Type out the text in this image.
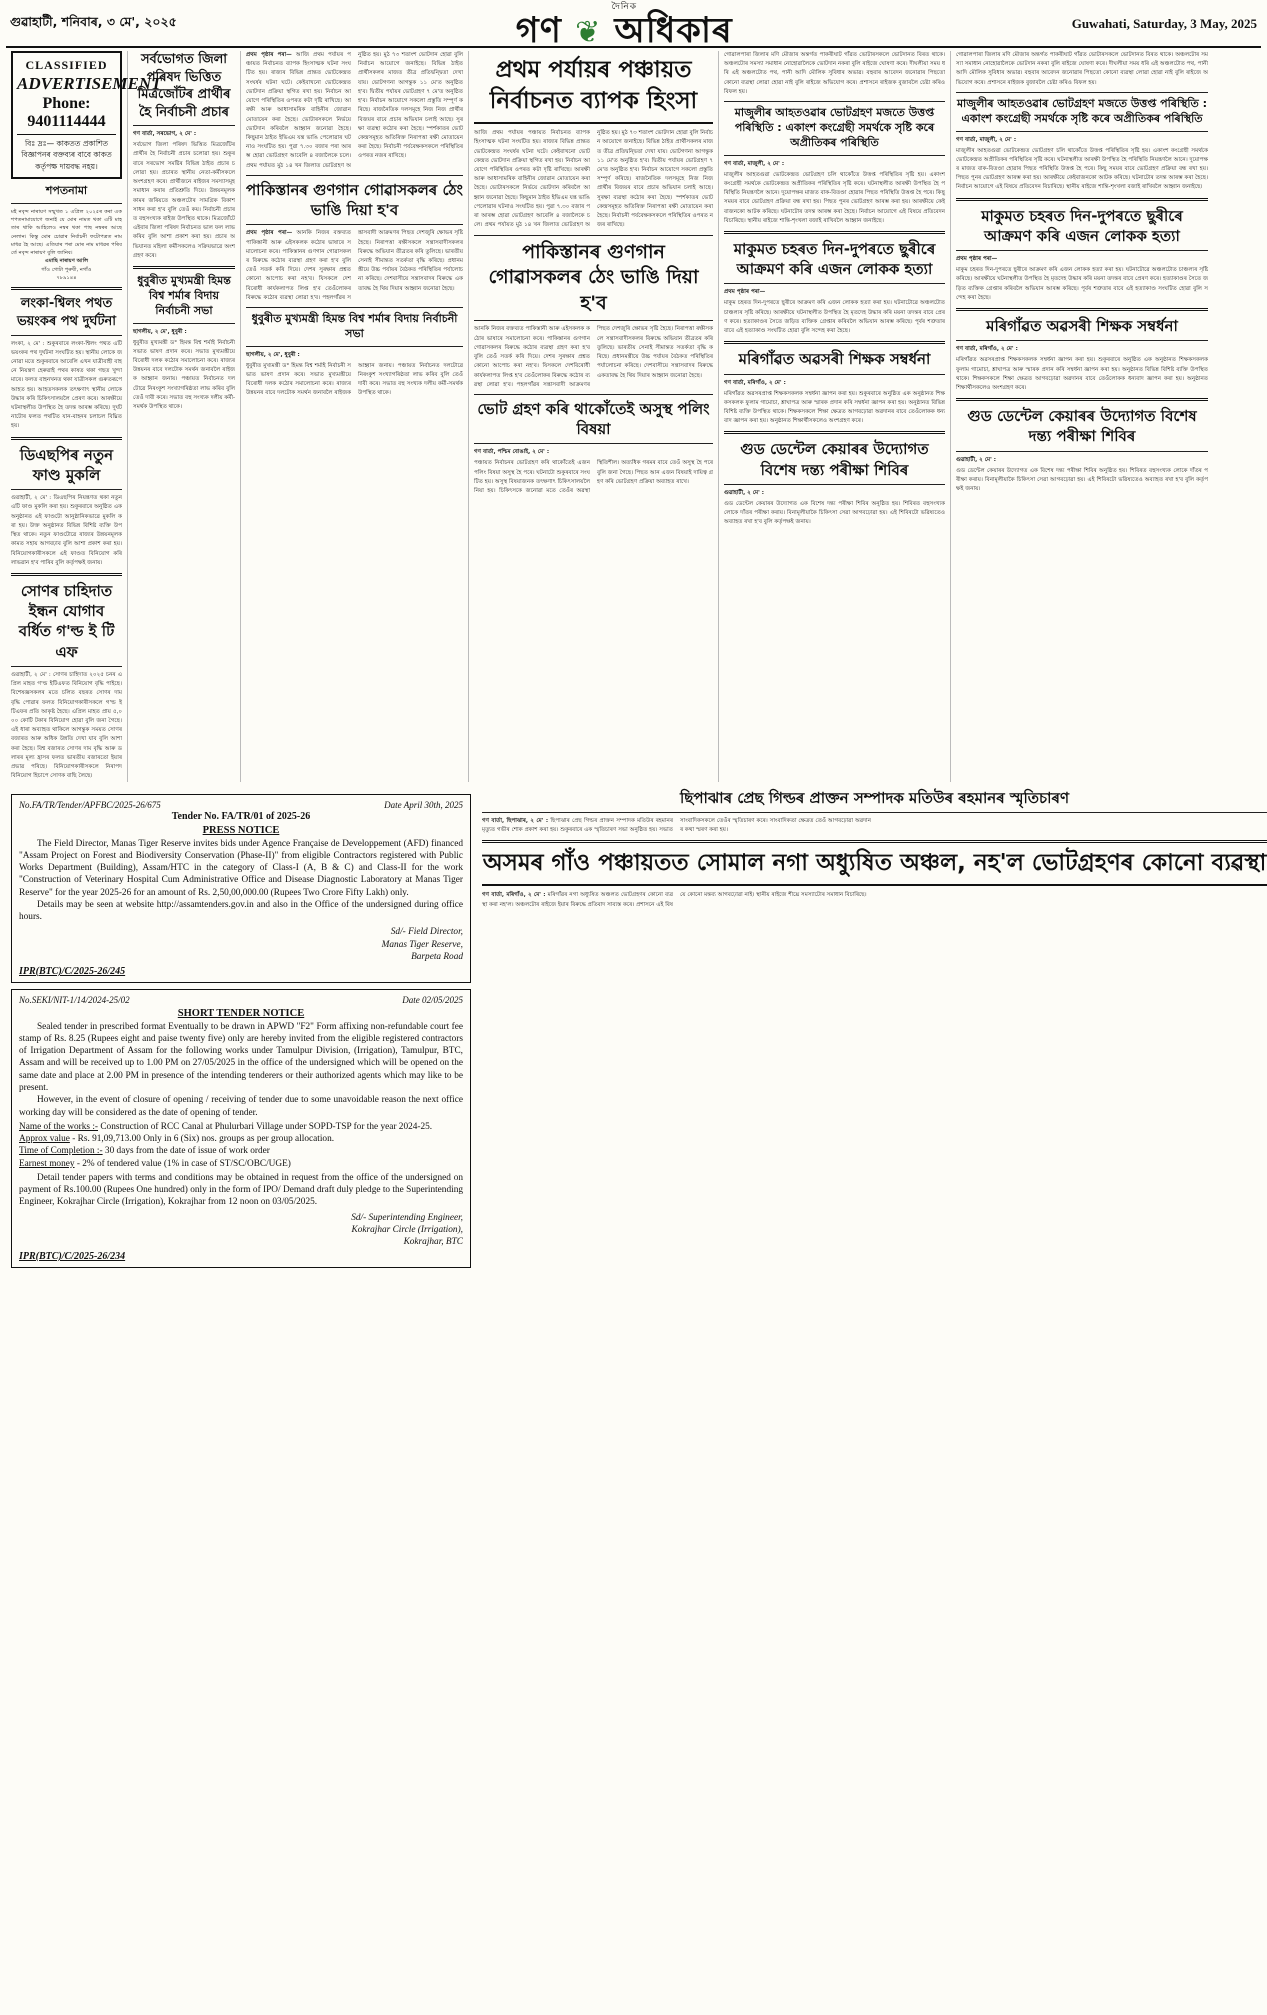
গুৱাহাটী, শনিবাৰ, ৩ মে', ২০২৫
দৈনিক
গণ ❦ অধিকাৰ	Guwahati, Saturday, 3 May, 2025
CLASSIFIED
ADVERTISEMENT
Phone: 9401114444
বিঃ দ্রঃ— কাকতত প্ৰকাশিত বিজ্ঞাপনৰ বক্তব্যৰ বাবে কাকত কৰ্তৃপক্ষ দায়বদ্ধ নহয়।
শপতনামা
মই নবৃন্দ নাৰায়ণ সন্মুখত ১ এপ্ৰিল ২০২৫ৰ কৰা এক শপতনামাযোগে জনাই যে মোৰ নামত থকা এটি মাহতাৰ থাকি আহিলেও নম্বৰ থকা পাছ নম্বৰৰ আছে নেলান। কিন্তু মোৰ চোৱাৰ নিৰ্বাচনী ফটোপত্ৰত নাম মাধৱ হৈ আছে। এতিয়াৰ পৰা মোৰ নাম মাধৱৰ পৰিবৰ্তে নবৃন্দ নাৰায়ণ বুলি জানিব।
এমাছি নাৰায়ণ আলি
গাঁও গোটা পুৰুষী, নগাঁও
৭৮৯১৪৪
লংকা-শ্বিলং পথত ভয়ংকৰ পথ দুৰ্ঘটনা
লংকা, ২ মে' : শুকুৰবাৰে লংকা-শ্বিলং পথত এটি ভয়ংকৰ পথ দুৰ্ঘটনা সংঘটিত হয়। স্থানীয় লোকে জনোৱা মতে শুকুৰবাৰে আবেলি এখন যাত্ৰীবাহী বাহনে নিয়ন্ত্ৰণ হেৰুৱাই পথৰ কাষত থকা গছত খুন্দা মাৰে। ফলত বাহনখনত থকা যাত্ৰীসকল গুৰুতৰূপে আহত হয়। আহতসকলক তৎক্ষণাৎ স্থানীয় লোকে উদ্ধাৰ কৰি চিকিৎসালয়লৈ প্ৰেৰণ কৰে। আৰক্ষীয়ে ঘটনাস্থলীত উপস্থিত হৈ তদন্ত আৰম্ভ কৰিছে। দুৰ্ঘটনাটোৰ ফলত পথটিত যান-বাহনৰ চলাচল বিঘ্নিত হয়।
ডিএছপিৰ নতুন ফাণ্ড মুকলি
গুৱাহাটী, ২ মে' : ডিএছপিৰ নিয়ন্ত্ৰণত থকা নতুন এটি ফাণ্ড মুকলি কৰা হয়। শুকুৰবাৰে অনুষ্ঠিত এক অনুষ্ঠানত এই ফাণ্ডটো আনুষ্ঠানিকভাৱে মুকলি কৰা হয়। উক্ত অনুষ্ঠানত বিভিন্ন বিশিষ্ট ব্যক্তি উপস্থিত থাকে। নতুন ফাণ্ডটোৱে ৰাজ্যৰ উন্নয়নমূলক কামত সহায় আগবঢ়াব বুলি আশা প্ৰকাশ কৰা হয়। বিনিয়োগকাৰীসকলে এই ফাণ্ডত বিনিয়োগ কৰি লাভৱান হ'ব পাৰিব বুলি কৰ্তৃপক্ষই জনায়।
সোণৰ চাহিদাত ইন্ধন যোগাব বৰ্ধিত গ'ল্ড ই টি এফ
গুৱাহাটী, ২ মে' : সোণৰ চাহিদাত ২০২৫ চনৰ এপ্ৰিল মাহত গ'ল্ড ইটিএফত বিনিয়োগ বৃদ্ধি পাইছে। বিশেষজ্ঞসকলৰ মতে চলিত বছৰত সোণৰ দাম বৃদ্ধি পোৱাৰ ফলত বিনিয়োগকাৰীসকলে গ'ল্ড ইটিএফৰ প্ৰতি আকৃষ্ট হৈছে। এপ্ৰিল মাহত প্ৰায় ৫,০০০ কোটি টকাৰ বিনিয়োগ হোৱা বুলি জনা গৈছে। এই ধাৰা অব্যাহত থাকিলে আগন্তুক সময়ত সোণৰ বজাৰত আৰু অধিক উন্নতি দেখা যাব বুলি আশা কৰা হৈছে। বিশ্ব বজাৰত সোণৰ দাম বৃদ্ধি আৰু ডলাৰৰ মূল্য হ্ৰাসৰ ফলত ভাৰতীয় বজাৰতো ইয়াৰ প্ৰভাৱ পৰিছে। বিনিয়োগকাৰীসকলে নিৰাপদ বিনিয়োগ হিচাপে সোণক বাছি লৈছে।
সৰ্বভোগত জিলা পৰিষদ ভিত্তিত মিত্ৰজোঁটৰ প্ৰাৰ্থীৰ হৈ নিৰ্বাচনী প্ৰচাৰ
গণ বাৰ্তা, সৰভোগ, ২ মে' :
সৰ্বভোগ জিলা পৰিষদ ভিত্তিত মিত্ৰজোঁটৰ প্ৰাৰ্থীৰ হৈ নিৰ্বাচনী প্ৰচাৰ চলোৱা হয়। শুকুৰবাৰে সৰভোগ সমষ্টিৰ বিভিন্ন ঠাইত প্ৰচাৰ চলোৱা হয়। প্ৰচাৰত স্থানীয় নেতা-কৰ্মীসকলে অংশগ্ৰহণ কৰে। প্ৰাৰ্থীজনে ৰাইজৰ সমস্যাসমূহ সমাধান কৰাৰ প্ৰতিশ্ৰুতি দিয়ে। উন্নয়নমূলক কামৰ জৰিয়তে অঞ্চলটোৰ সামগ্ৰিক বিকাশ সাধন কৰা হ'ব বুলি তেওঁ কয়। নিৰ্বাচনী প্ৰচাৰত বহুসংখ্যক ৰাইজ উপস্থিত থাকে। মিত্ৰজোঁটে এইবাৰ জিলা পৰিষদ নিৰ্বাচনত ভাল ফল লাভ কৰিব বুলি আশা প্ৰকাশ কৰা হয়। প্ৰচাৰ অভিযানত মহিলা কৰ্মীসকলেও সক্ৰিয়ভাৱে অংশগ্ৰহণ কৰে।
ধুবুৰীত মুখ্যমন্ত্ৰী হিমন্ত বিশ্ব শৰ্মাৰ বিদায় নিৰ্বাচনী সভা
ছাগলীয়, ২ মে', ধুবুৰী :
ধুবুৰীত মুখ্যমন্ত্ৰী ড° হিমন্ত বিশ্ব শৰ্মাই নিৰ্বাচনী সভাত ভাষণ প্ৰদান কৰে। সভাত মুখ্যমন্ত্ৰীয়ে বিৰোধী দলক কঠোৰ সমালোচনা কৰে। ৰাজ্যৰ উন্নয়নৰ বাবে দলটোক সমৰ্থন জনাবলৈ ৰাইজক আহ্বান জনায়। পঞ্চায়ত নিৰ্বাচনত দলটোৱে নিৰংকুশ সংখ্যাগৰিষ্ঠতা লাভ কৰিব বুলি তেওঁ দাবী কৰে। সভাত বহু সংখ্যক দলীয় কৰ্মী-সমৰ্থক উপস্থিত থাকে।
প্ৰথম পৃষ্ঠাৰ পৰা— আজি প্ৰথম পৰ্যায়ৰ পঞ্চায়ত নিৰ্বাচনত ব্যাপক হিংসাত্মক ঘটনা সংঘটিত হয়। ৰাজ্যৰ বিভিন্ন প্ৰান্তত ভোটকেন্দ্ৰত সংঘৰ্ষৰ ঘটনা ঘটে। কেইবাখনো ভোটকেন্দ্ৰত ভোটদান প্ৰক্ৰিয়া স্থগিত ৰখা হয়। নিৰ্বাচন আয়োগে পৰিস্থিতিৰ ওপৰত কটা দৃষ্টি ৰাখিছে। আৰক্ষী আৰু আধাসামৰিক বাহিনীৰ জোৱান মোতায়েন কৰা হৈছে। ভোটাৰসকলে নিৰ্ভয়ে ভোটদান কৰিবলৈ আহ্বান জনোৱা হৈছে। কিছুমান ঠাইত ইভিএম যন্ত্ৰ ভাঙি পেলোৱাৰ ঘটনাও সংঘটিত হয়। পুৱা ৭.৩০ বজাৰ পৰা আৰম্ভ হোৱা ভোটগ্ৰহণ আবেলি ৪ বজালৈকে চলে। প্ৰথম পৰ্যায়ত মুঠ ১৪ খন জিলাত ভোটগ্ৰহণ অনুষ্ঠিত হয়। মুঠ ৭৩ শতাংশ ভোটদান হোৱা বুলি নিৰ্বাচন আয়োগে জনাইছে। বিভিন্ন ঠাইত প্ৰাৰ্থীসকলৰ মাজত তীব্ৰ প্ৰতিদ্বন্দ্বিতা দেখা যায়। ভোটগণনা আগন্তুক ১১ মে'ত অনুষ্ঠিত হ'ব। দ্বিতীয় পৰ্যায়ৰ ভোটগ্ৰহণ ৭ মে'ত অনুষ্ঠিত হ'ব। নিৰ্বাচন আয়োগে সকলো প্ৰস্তুতি সম্পূৰ্ণ কৰিছে। ৰাজনৈতিক দলসমূহে নিজ নিজ প্ৰাৰ্থীৰ বিজয়ৰ বাবে প্ৰচাৰ অভিযান চলাই আছে। সুৰক্ষা ব্যৱস্থা কঠোৰ কৰা হৈছে। স্পৰ্শকাতৰ ভোটকেন্দ্ৰসমূহত অতিৰিক্ত নিৰাপত্তা ৰক্ষী মোতায়েন কৰা হৈছে। নিৰ্বাচনী পৰ্যবেক্ষকসকলে পৰিস্থিতিৰ ওপৰত নজৰ ৰাখিছে।
পাকিস্তানৰ গুণগান গোৱাসকলৰ ঠেং ভাঙি দিয়া হ'ব
প্ৰথম পৃষ্ঠাৰ পৰা— আনকি নিজৰ বক্তব্যত পাকিস্তানী আৰু এইসকলক কঠোৰ ভাষাৰে সমালোচনা কৰে। পাকিস্তানৰ গুণগান গোৱাসকলৰ বিৰুদ্ধে কঠোৰ ব্যৱস্থা গ্ৰহণ কৰা হ'ব বুলি তেওঁ সতৰ্ক কৰি দিয়ে। দেশৰ সুৰক্ষাৰ প্ৰশ্নত কোনো আপোচ কৰা নহ'ব। যিসকলে দেশবিৰোধী কাৰ্যকলাপত লিপ্ত হ'ব তেওঁলোকৰ বিৰুদ্ধে কঠোৰ ব্যৱস্থা লোৱা হ'ব। পহলগাঁৱৰ সন্ত্ৰাসবাদী আক্ৰমণৰ পিছত দেশজুৰি ক্ষোভৰ সৃষ্টি হৈছে। নিৰাপত্তা ৰক্ষীসকলে সন্ত্ৰাসবাদীসকলৰ বিৰুদ্ধে অভিযান তীব্ৰতৰ কৰি তুলিছে। ভাৰতীয় সেনাই সীমান্তত সতৰ্কতা বৃদ্ধি কৰিছে। প্ৰধানমন্ত্ৰীয়ে উচ্চ পৰ্যায়ৰ বৈঠকত পৰিস্থিতিৰ পৰ্যালোচনা কৰিছে। দেশবাসীয়ে সন্ত্ৰাসবাদৰ বিৰুদ্ধে একতাবদ্ধ হৈ থিয় দিয়াৰ আহ্বান জনোৱা হৈছে।
ধুবুৰীত মুখ্যমন্ত্ৰী হিমন্ত বিশ্ব শৰ্মাৰ বিদায় নিৰ্বাচনী সভা
ছাগলীয়, ২ মে', ধুবুৰী :
ধুবুৰীত মুখ্যমন্ত্ৰী ড° হিমন্ত বিশ্ব শৰ্মাই নিৰ্বাচনী সভাত ভাষণ প্ৰদান কৰে। সভাত মুখ্যমন্ত্ৰীয়ে বিৰোধী দলক কঠোৰ সমালোচনা কৰে। ৰাজ্যৰ উন্নয়নৰ বাবে দলটোক সমৰ্থন জনাবলৈ ৰাইজক আহ্বান জনায়। পঞ্চায়ত নিৰ্বাচনত দলটোৱে নিৰংকুশ সংখ্যাগৰিষ্ঠতা লাভ কৰিব বুলি তেওঁ দাবী কৰে। সভাত বহু সংখ্যক দলীয় কৰ্মী-সমৰ্থক উপস্থিত থাকে।
প্ৰথম পৰ্যায়ৰ পঞ্চায়ত নিৰ্বাচনত ব্যাপক হিংসা
আজি প্ৰথম পৰ্যায়ৰ পঞ্চায়ত নিৰ্বাচনত ব্যাপক হিংসাত্মক ঘটনা সংঘটিত হয়। ৰাজ্যৰ বিভিন্ন প্ৰান্তত ভোটকেন্দ্ৰত সংঘৰ্ষৰ ঘটনা ঘটে। কেইবাখনো ভোটকেন্দ্ৰত ভোটদান প্ৰক্ৰিয়া স্থগিত ৰখা হয়। নিৰ্বাচন আয়োগে পৰিস্থিতিৰ ওপৰত কটা দৃষ্টি ৰাখিছে। আৰক্ষী আৰু আধাসামৰিক বাহিনীৰ জোৱান মোতায়েন কৰা হৈছে। ভোটাৰসকলে নিৰ্ভয়ে ভোটদান কৰিবলৈ আহ্বান জনোৱা হৈছে। কিছুমান ঠাইত ইভিএম যন্ত্ৰ ভাঙি পেলোৱাৰ ঘটনাও সংঘটিত হয়। পুৱা ৭.৩০ বজাৰ পৰা আৰম্ভ হোৱা ভোটগ্ৰহণ আবেলি ৪ বজালৈকে চলে। প্ৰথম পৰ্যায়ত মুঠ ১৪ খন জিলাত ভোটগ্ৰহণ অনুষ্ঠিত হয়। মুঠ ৭৩ শতাংশ ভোটদান হোৱা বুলি নিৰ্বাচন আয়োগে জনাইছে। বিভিন্ন ঠাইত প্ৰাৰ্থীসকলৰ মাজত তীব্ৰ প্ৰতিদ্বন্দ্বিতা দেখা যায়। ভোটগণনা আগন্তুক ১১ মে'ত অনুষ্ঠিত হ'ব। দ্বিতীয় পৰ্যায়ৰ ভোটগ্ৰহণ ৭ মে'ত অনুষ্ঠিত হ'ব। নিৰ্বাচন আয়োগে সকলো প্ৰস্তুতি সম্পূৰ্ণ কৰিছে। ৰাজনৈতিক দলসমূহে নিজ নিজ প্ৰাৰ্থীৰ বিজয়ৰ বাবে প্ৰচাৰ অভিযান চলাই আছে। সুৰক্ষা ব্যৱস্থা কঠোৰ কৰা হৈছে। স্পৰ্শকাতৰ ভোটকেন্দ্ৰসমূহত অতিৰিক্ত নিৰাপত্তা ৰক্ষী মোতায়েন কৰা হৈছে। নিৰ্বাচনী পৰ্যবেক্ষকসকলে পৰিস্থিতিৰ ওপৰত নজৰ ৰাখিছে।
পাকিস্তানৰ গুণগান গোৱাসকলৰ ঠেং ভাঙি দিয়া হ'ব
আনকি নিজৰ বক্তব্যত পাকিস্তানী আৰু এইসকলক কঠোৰ ভাষাৰে সমালোচনা কৰে। পাকিস্তানৰ গুণগান গোৱাসকলৰ বিৰুদ্ধে কঠোৰ ব্যৱস্থা গ্ৰহণ কৰা হ'ব বুলি তেওঁ সতৰ্ক কৰি দিয়ে। দেশৰ সুৰক্ষাৰ প্ৰশ্নত কোনো আপোচ কৰা নহ'ব। যিসকলে দেশবিৰোধী কাৰ্যকলাপত লিপ্ত হ'ব তেওঁলোকৰ বিৰুদ্ধে কঠোৰ ব্যৱস্থা লোৱা হ'ব। পহলগাঁৱৰ সন্ত্ৰাসবাদী আক্ৰমণৰ পিছত দেশজুৰি ক্ষোভৰ সৃষ্টি হৈছে। নিৰাপত্তা ৰক্ষীসকলে সন্ত্ৰাসবাদীসকলৰ বিৰুদ্ধে অভিযান তীব্ৰতৰ কৰি তুলিছে। ভাৰতীয় সেনাই সীমান্তত সতৰ্কতা বৃদ্ধি কৰিছে। প্ৰধানমন্ত্ৰীয়ে উচ্চ পৰ্যায়ৰ বৈঠকত পৰিস্থিতিৰ পৰ্যালোচনা কৰিছে। দেশবাসীয়ে সন্ত্ৰাসবাদৰ বিৰুদ্ধে একতাবদ্ধ হৈ থিয় দিয়াৰ আহ্বান জনোৱা হৈছে।
ভোট গ্ৰহণ কৰি থাকোঁতেই অসুস্থ পলিং বিষয়া
গণ বাৰ্তা, পশ্চিম বোঙাই, ২ মে' :
পঞ্চায়ত নিৰ্বাচনৰ ভোটগ্ৰহণ কৰি থাকোঁতেই এজন পলিং বিষয়া অসুস্থ হৈ পৰে। ঘটনাটো শুকুৰবাৰে সংঘটিত হয়। অসুস্থ বিষয়াজনক তৎক্ষণাৎ চিকিৎসালয়লৈ নিয়া হয়। চিকিৎসকে জনোৱা মতে তেওঁৰ অৱস্থা স্থিতিশীল। অত্যধিক গৰমৰ বাবে তেওঁ অসুস্থ হৈ পৰে বুলি জনা গৈছে। পিছত আন এজন বিষয়াই দায়িত্ব গ্ৰহণ কৰি ভোটগ্ৰহণ প্ৰক্ৰিয়া অব্যাহত ৰাখে।
গোৱালপাৰা জিলাৰ মণি মৌজাৰ অন্তৰ্গত পাকৰীঘাট গাঁৱত ভোটাৰসকলে ভোটদানত বিৰত থাকে। অঞ্চলটোৰ সমস্যা সমাধান নোহোৱালৈকে ভোটদান নকৰা বুলি ৰাইজে ঘোষণা কৰে। দীঘলীয়া সময় ধৰি এই অঞ্চলটোত পথ, পানী আদি মৌলিক সুবিধাৰ অভাৱ। বহুবাৰ আবেদন জনোৱাৰ পিছতো কোনো ব্যৱস্থা লোৱা হোৱা নাই বুলি ৰাইজে অভিযোগ কৰে। প্ৰশাসনে ৰাইজক বুজাবলৈ চেষ্টা কৰিও বিফল হয়।
মাজুলীৰ আহতওৱাৰ ভোটগ্ৰহণ মজতে উত্তপ্ত পৰিস্থিতি : একাংশ কংগ্ৰেছী সমৰ্থকে সৃষ্টি কৰে অপ্ৰীতিকৰ পৰিস্থিতি
গণ বাৰ্তা, মাজুলী, ২ মে' :
মাজুলীৰ আহতগুৱা ভোটকেন্দ্ৰত ভোটগ্ৰহণ চলি থাকোঁতে উত্তপ্ত পৰিস্থিতিৰ সৃষ্টি হয়। একাংশ কংগ্ৰেছী সমৰ্থকে ভোটকেন্দ্ৰত অপ্ৰীতিকৰ পৰিস্থিতিৰ সৃষ্টি কৰে। ঘটনাস্থলীত আৰক্ষী উপস্থিত হৈ পৰিস্থিতি নিয়ন্ত্ৰণলৈ আনে। দুয়োপক্ষৰ মাজত বাক-বিতণ্ডা হোৱাৰ পিছত পৰিস্থিতি উত্তপ্ত হৈ পৰে। কিছু সময়ৰ বাবে ভোটগ্ৰহণ প্ৰক্ৰিয়া বন্ধ ৰখা হয়। পিছত পুনৰ ভোটগ্ৰহণ আৰম্ভ কৰা হয়। আৰক্ষীয়ে কেইবাজনকো আটক কৰিছে। ঘটনাটোৰ তদন্ত আৰম্ভ কৰা হৈছে। নিৰ্বাচন আয়োগে এই বিষয়ে প্ৰতিবেদন বিচাৰিছে। স্থানীয় ৰাইজে শান্তি-শৃংখলা বজাই ৰাখিবলৈ আহ্বান জনাইছে।
মাকুমত চহৰত দিন-দুপৰতে ছুৰীৰে আক্ৰমণ কৰি এজন লোকক হত্যা
প্ৰথম পৃষ্ঠাৰ পৰা—
মাকুম চহৰত দিন-দুপৰতে ছুৰীৰে আক্ৰমণ কৰি এজন লোকক হত্যা কৰা হয়। ঘটনাটোৱে অঞ্চলটোত চাঞ্চল্যৰ সৃষ্টি কৰিছে। আৰক্ষীয়ে ঘটনাস্থলীত উপস্থিত হৈ মৃতদেহ উদ্ধাৰ কৰি ময়না তদন্তৰ বাবে প্ৰেৰণ কৰে। হত্যাকাণ্ডৰ সৈতে জড়িত ব্যক্তিক গ্ৰেপ্তাৰ কৰিবলৈ অভিযান আৰম্ভ কৰিছে। পূৰ্বৰ শত্ৰুতাৰ বাবে এই হত্যাকাণ্ড সংঘটিত হোৱা বুলি সন্দেহ কৰা হৈছে।
মৰিগাঁৱত অৱসৰী শিক্ষক সম্বৰ্ধনা
গণ বাৰ্তা, মৰিগাঁও, ২ মে' :
মৰিগাঁৱত অৱসৰপ্ৰাপ্ত শিক্ষকসকলক সম্বৰ্ধনা জ্ঞাপন কৰা হয়। শুকুৰবাৰে অনুষ্ঠিত এক অনুষ্ঠানত শিক্ষকসকলক ফুলাম গামোচা, শ্লাঘাপত্ৰ আৰু স্মাৰক প্ৰদান কৰি সম্বৰ্ধনা জ্ঞাপন কৰা হয়। অনুষ্ঠানত বিভিন্ন বিশিষ্ট ব্যক্তি উপস্থিত থাকে। শিক্ষকসকলে শিক্ষা ক্ষেত্ৰত আগবঢ়োৱা অৱদানৰ বাবে তেওঁলোকক ধন্যবাদ জ্ঞাপন কৰা হয়। অনুষ্ঠানত শিক্ষাৰ্থীসকলেও অংশগ্ৰহণ কৰে।
গুড ডেন্টেল কেয়াৰৰ উদ্যোগত বিশেষ দন্ত্য পৰীক্ষা শিবিৰ
গুৱাহাটী, ২ মে' :
গুড ডেন্টেল কেয়াৰৰ উদ্যোগত এক বিশেষ দন্ত্য পৰীক্ষা শিবিৰ অনুষ্ঠিত হয়। শিবিৰত বহুসংখ্যক লোকে দাঁতৰ পৰীক্ষা কৰায়। বিনামূলীয়াকৈ চিকিৎসা সেৱা আগবঢ়োৱা হয়। এই শিবিৰটো ভৱিষ্যতেও অব্যাহত ৰখা হ'ব বুলি কৰ্তৃপক্ষই জনায়।
গোৱালপাৰা জিলাৰ মণি মৌজাৰ অন্তৰ্গত পাকৰীঘাট গাঁৱত ভোটাৰসকলে ভোটদানত বিৰত থাকে। অঞ্চলটোৰ সমস্যা সমাধান নোহোৱালৈকে ভোটদান নকৰা বুলি ৰাইজে ঘোষণা কৰে। দীঘলীয়া সময় ধৰি এই অঞ্চলটোত পথ, পানী আদি মৌলিক সুবিধাৰ অভাৱ। বহুবাৰ আবেদন জনোৱাৰ পিছতো কোনো ব্যৱস্থা লোৱা হোৱা নাই বুলি ৰাইজে অভিযোগ কৰে। প্ৰশাসনে ৰাইজক বুজাবলৈ চেষ্টা কৰিও বিফল হয়।
মাজুলীৰ আহতওৱাৰ ভোটগ্ৰহণ মজতে উত্তপ্ত পৰিস্থিতি : একাংশ কংগ্ৰেছী সমৰ্থকে সৃষ্টি কৰে অপ্ৰীতিকৰ পৰিস্থিতি
গণ বাৰ্তা, মাজুলী, ২ মে' :
মাজুলীৰ আহতগুৱা ভোটকেন্দ্ৰত ভোটগ্ৰহণ চলি থাকোঁতে উত্তপ্ত পৰিস্থিতিৰ সৃষ্টি হয়। একাংশ কংগ্ৰেছী সমৰ্থকে ভোটকেন্দ্ৰত অপ্ৰীতিকৰ পৰিস্থিতিৰ সৃষ্টি কৰে। ঘটনাস্থলীত আৰক্ষী উপস্থিত হৈ পৰিস্থিতি নিয়ন্ত্ৰণলৈ আনে। দুয়োপক্ষৰ মাজত বাক-বিতণ্ডা হোৱাৰ পিছত পৰিস্থিতি উত্তপ্ত হৈ পৰে। কিছু সময়ৰ বাবে ভোটগ্ৰহণ প্ৰক্ৰিয়া বন্ধ ৰখা হয়। পিছত পুনৰ ভোটগ্ৰহণ আৰম্ভ কৰা হয়। আৰক্ষীয়ে কেইবাজনকো আটক কৰিছে। ঘটনাটোৰ তদন্ত আৰম্ভ কৰা হৈছে। নিৰ্বাচন আয়োগে এই বিষয়ে প্ৰতিবেদন বিচাৰিছে। স্থানীয় ৰাইজে শান্তি-শৃংখলা বজাই ৰাখিবলৈ আহ্বান জনাইছে।
মাকুমত চহৰত দিন-দুপৰতে ছুৰীৰে আক্ৰমণ কৰি এজন লোকক হত্যা
প্ৰথম পৃষ্ঠাৰ পৰা—
মাকুম চহৰত দিন-দুপৰতে ছুৰীৰে আক্ৰমণ কৰি এজন লোকক হত্যা কৰা হয়। ঘটনাটোৱে অঞ্চলটোত চাঞ্চল্যৰ সৃষ্টি কৰিছে। আৰক্ষীয়ে ঘটনাস্থলীত উপস্থিত হৈ মৃতদেহ উদ্ধাৰ কৰি ময়না তদন্তৰ বাবে প্ৰেৰণ কৰে। হত্যাকাণ্ডৰ সৈতে জড়িত ব্যক্তিক গ্ৰেপ্তাৰ কৰিবলৈ অভিযান আৰম্ভ কৰিছে। পূৰ্বৰ শত্ৰুতাৰ বাবে এই হত্যাকাণ্ড সংঘটিত হোৱা বুলি সন্দেহ কৰা হৈছে।
মৰিগাঁৱত অৱসৰী শিক্ষক সম্বৰ্ধনা
গণ বাৰ্তা, মৰিগাঁও, ২ মে' :
মৰিগাঁৱত অৱসৰপ্ৰাপ্ত শিক্ষকসকলক সম্বৰ্ধনা জ্ঞাপন কৰা হয়। শুকুৰবাৰে অনুষ্ঠিত এক অনুষ্ঠানত শিক্ষকসকলক ফুলাম গামোচা, শ্লাঘাপত্ৰ আৰু স্মাৰক প্ৰদান কৰি সম্বৰ্ধনা জ্ঞাপন কৰা হয়। অনুষ্ঠানত বিভিন্ন বিশিষ্ট ব্যক্তি উপস্থিত থাকে। শিক্ষকসকলে শিক্ষা ক্ষেত্ৰত আগবঢ়োৱা অৱদানৰ বাবে তেওঁলোকক ধন্যবাদ জ্ঞাপন কৰা হয়। অনুষ্ঠানত শিক্ষাৰ্থীসকলেও অংশগ্ৰহণ কৰে।
গুড ডেন্টেল কেয়াৰৰ উদ্যোগত বিশেষ দন্ত্য পৰীক্ষা শিবিৰ
গুৱাহাটী, ২ মে' :
গুড ডেন্টেল কেয়াৰৰ উদ্যোগত এক বিশেষ দন্ত্য পৰীক্ষা শিবিৰ অনুষ্ঠিত হয়। শিবিৰত বহুসংখ্যক লোকে দাঁতৰ পৰীক্ষা কৰায়। বিনামূলীয়াকৈ চিকিৎসা সেৱা আগবঢ়োৱা হয়। এই শিবিৰটো ভৱিষ্যতেও অব্যাহত ৰখা হ'ব বুলি কৰ্তৃপক্ষই জনায়।
No.FA/TR/Tender/APFBC/2025-26/675	Date April 30th, 2025
Tender No. FA/TR/01 of 2025-26
PRESS NOTICE
The Field Director, Manas Tiger Reserve invites bids under Agence Française de Developpement (AFD) financed "Assam Project on Forest and Biodiversity Conservation (Phase-II)" from eligible Contractors registered with Public Works Department (Building), Assam/HTC in the category of Class-I (A, B & C) and Class-II for the work "Construction of Veterinary Hospital Cum Administrative Office and Disease Diagnostic Laboratory at Manas Tiger Reserve" for the year 2025-26 for an amount of Rs. 2,50,00,000.00 (Rupees Two Crore Fifty Lakh) only.
Details may be seen at website http://assamtenders.gov.in and also in the Office of the undersigned during office hours.
Sd/- Field Director,
Manas Tiger Reserve,
Barpeta Road
IPR(BTC)/C/2025-26/245
No.SEKI/NIT-1/14/2024-25/02	Date 02/05/2025
SHORT TENDER NOTICE
Sealed tender in prescribed format Eventually to be drawn in APWD "F2" Form affixing non-refundable court fee stamp of Rs. 8.25 (Rupees eight and paise twenty five) only are hereby invited from the eligible registered contractors of Irrigation Department of Assam for the following works under Tamulpur Division, (Irrigation), Tamulpur, BTC, Assam and will be received up to 1.00 PM on 27/05/2025 in the office of the undersigned which will be opened on the same date and place at 2.00 PM in presence of the intending tenderers or their authorized agents which may like to be present.
However, in the event of closure of opening / receiving of tender due to some unavoidable reason the next office working day will be considered as the date of opening of tender.
Name of the works :- Construction of RCC Canal at Phulurbari Village under SOPD-TSP for the year 2024-25.
Approx value - Rs. 91,09,713.00 Only in 6 (Six) nos. groups as per group allocation.
Time of Completion :- 30 days from the date of issue of work order
Earnest money - 2% of tendered value (1% in case of ST/SC/OBC/UGE)
Detail tender papers with terms and conditions may be obtained in request from the office of the undersigned on payment of Rs.100.00 (Rupees One hundred) only in the form of IPO/ Demand draft duly pledge to the Superintending Engineer, Kokrajhar Circle (Irrigation), Kokrajhar from 12 noon on 03/05/2025.
Sd/- Superintending Engineer,
Kokrajhar Circle (Irrigation),
Kokrajhar, BTC
IPR(BTC)/C/2025-26/234
ছিপাঝাৰ প্ৰেছ গিল্ডৰ প্ৰাক্তন সম্পাদক মতিউৰ ৰহমানৰ স্মৃতিচাৰণ
গণ বাৰ্তা, ছিপাঝাৰ, ২ মে' : ছিপাঝাৰ প্ৰেছ গিল্ডৰ প্ৰাক্তন সম্পাদক মতিউৰ ৰহমানৰ মৃত্যুত গভীৰ শোক প্ৰকাশ কৰা হয়। শুকুৰবাৰে এক স্মৃতিচাৰণ সভা অনুষ্ঠিত হয়। সভাত সাংবাদিকসকলে তেওঁৰ স্মৃতিচাৰণ কৰে। সাংবাদিকতা ক্ষেত্ৰত তেওঁ আগবঢ়োৱা অৱদানৰ কথা স্মৰণ কৰা হয়।
অসমৰ গাঁও পঞ্চায়তত সোমাল নগা অধ্যুষিত অঞ্চল, নহ'ল ভোটগ্ৰহণৰ কোনো ব্যৱস্থা
গণ বাৰ্তা, মৰিগাঁও, ২ মে' : মৰিগাঁৱৰ নগা অধ্যুষিত অঞ্চলত ভোটগ্ৰহণৰ কোনো ব্যৱস্থা কৰা নহ'ল। অঞ্চলটোৰ ৰাইজে ইয়াৰ বিৰুদ্ধে প্ৰতিবাদ সাব্যস্ত কৰে। প্ৰশাসনে এই বিষয়ে কোনো মন্তব্য আগবঢ়োৱা নাই। স্থানীয় ৰাইজে শীঘ্ৰে সমস্যাটোৰ সমাধান বিচাৰিছে।
